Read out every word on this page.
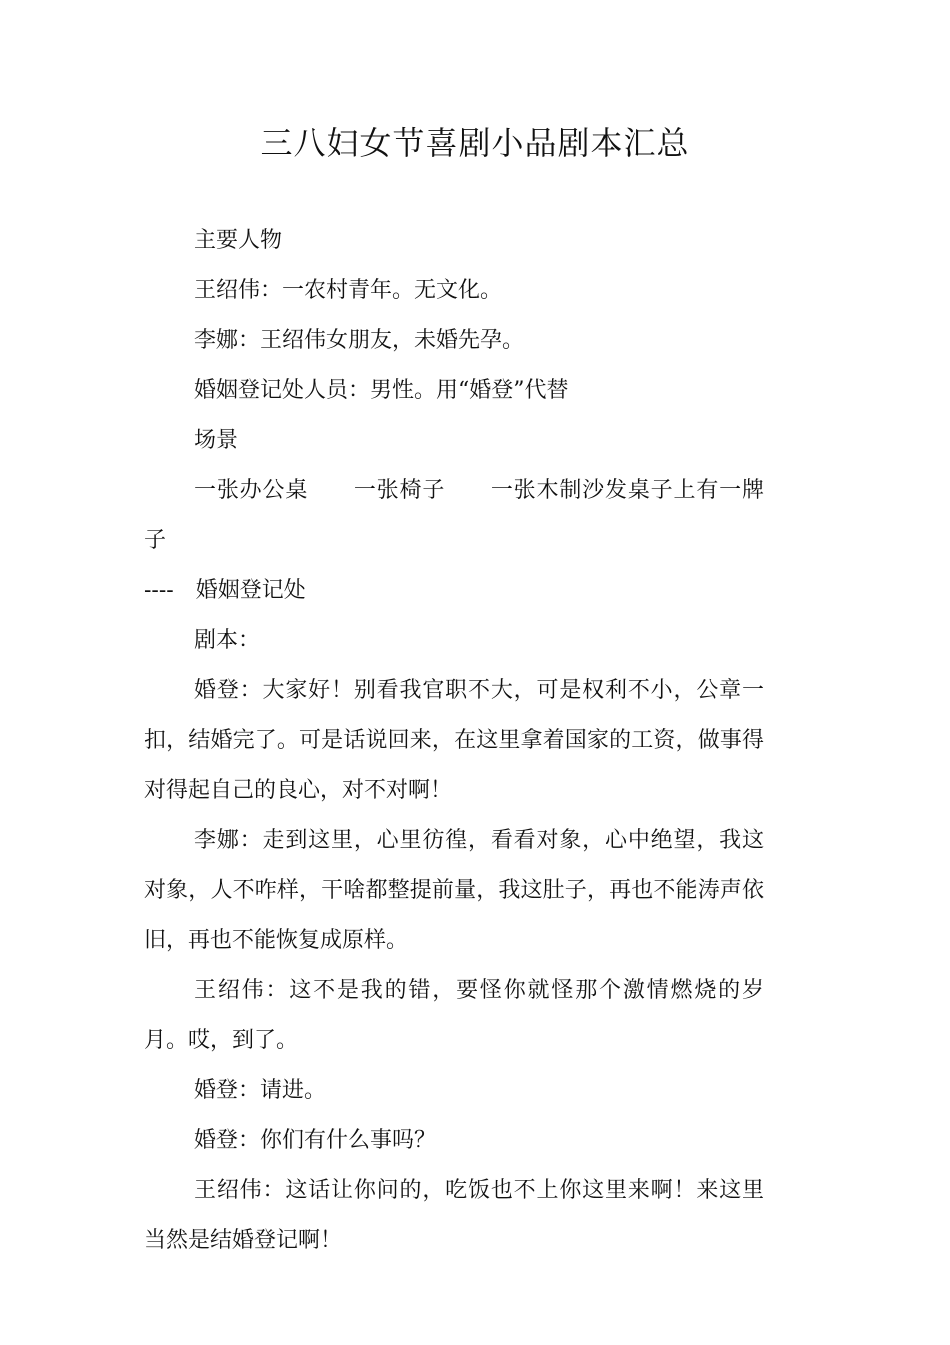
三八妇女节喜剧小品剧本汇总

主要人物

王绍伟：一农村青年。无文化。

李娜：王绍伟女朋友，未婚先孕。

婚姻登记处人员：男性。用“婚登”代替

场景

一张办公桌　　一张椅子　　一张木制沙发桌子上有一牌子

----　婚姻登记处

剧本：

婚登：大家好！别看我官职不大，可是权利不小，公章一扣，结婚完了。可是话说回来，在这里拿着国家的工资，做事得对得起自己的良心，对不对啊！

李娜：走到这里，心里彷徨，看看对象，心中绝望，我这对象，人不咋样，干啥都整提前量，我这肚子，再也不能涛声依旧，再也不能恢复成原样。

王绍伟：这不是我的错，要怪你就怪那个激情燃烧的岁月。哎，到了。

婚登：请进。

婚登：你们有什么事吗？

王绍伟：这话让你问的，吃饭也不上你这里来啊！来这里当然是结婚登记啊！
